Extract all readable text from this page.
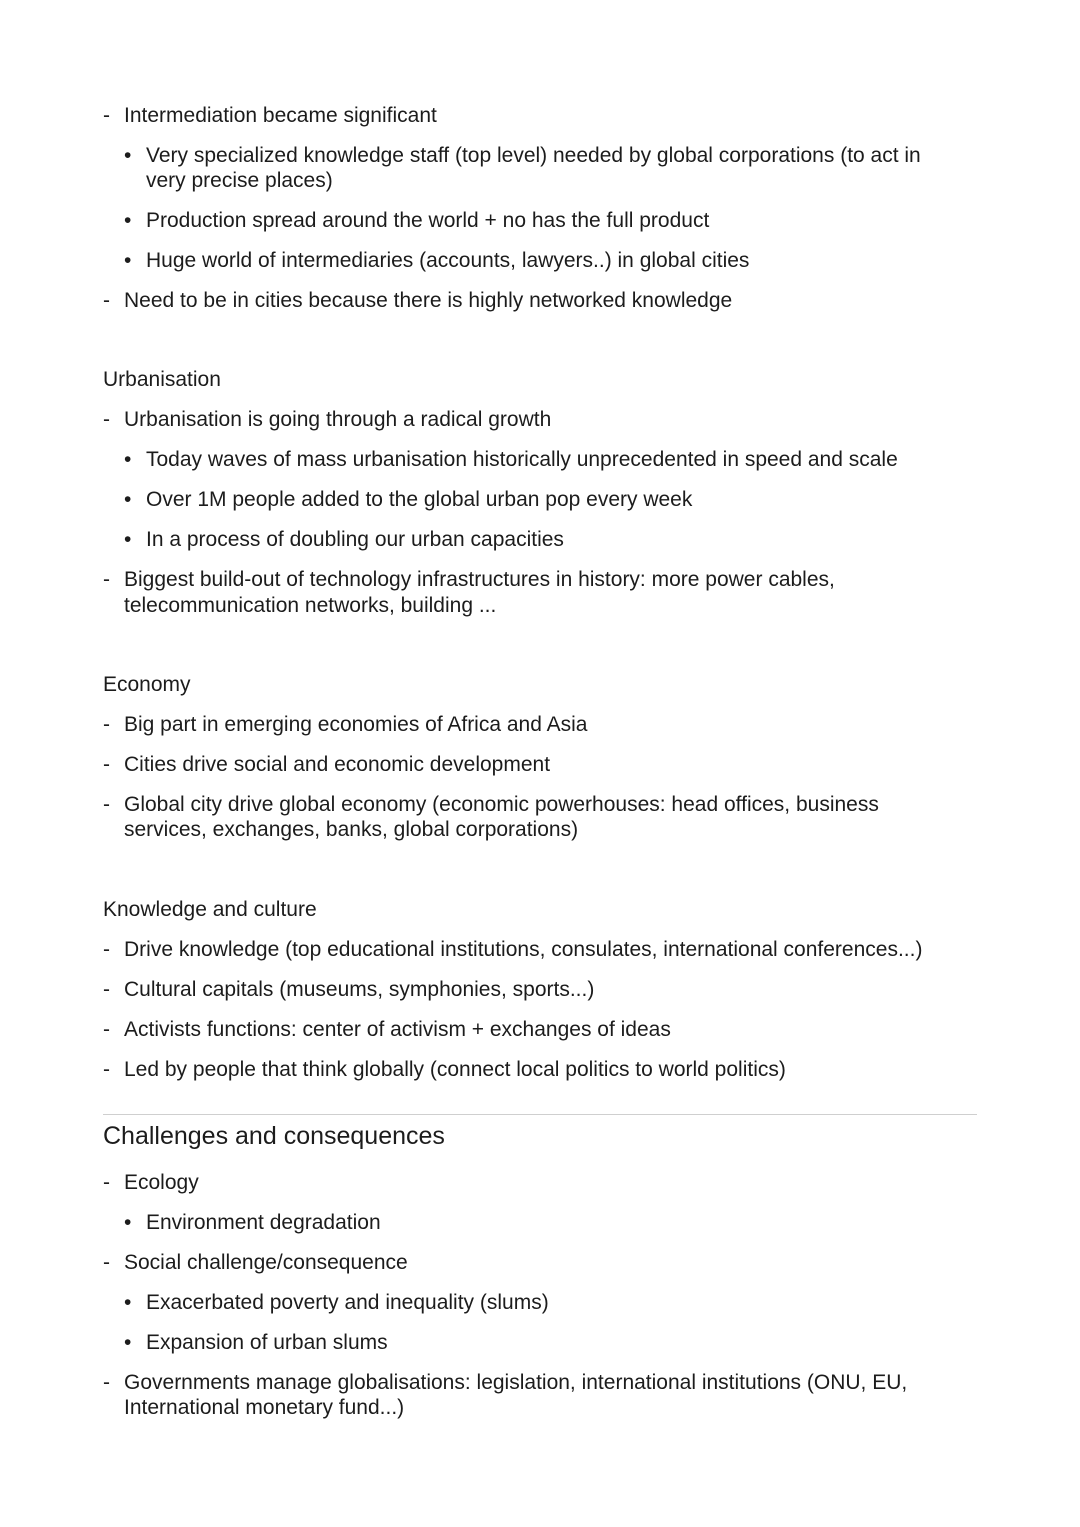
- Intermediation became significant
• Very specialized knowledge staff (top level) needed by global corporations (to act in
very precise places)
• Production spread around the world + no has the full product
• Huge world of intermediaries (accounts, lawyers..) in global cities
- Need to be in cities because there is highly networked knowledge
Urbanisation
- Urbanisation is going through a radical growth
• Today waves of mass urbanisation historically unprecedented in speed and scale
• Over 1M people added to the global urban pop every week
• In a process of doubling our urban capacities
- Biggest build-out of technology infrastructures in history: more power cables,
telecommunication networks, building ...
Economy
- Big part in emerging economies of Africa and Asia
- Cities drive social and economic development
- Global city drive global economy (economic powerhouses: head offices, business
services, exchanges, banks, global corporations)
Knowledge and culture
- Drive knowledge (top educational institutions, consulates, international conferences...)
- Cultural capitals (museums, symphonies, sports...)
- Activists functions: center of activism + exchanges of ideas
- Led by people that think globally (connect local politics to world politics)
Challenges and consequences
- Ecology
• Environment degradation
- Social challenge/consequence
• Exacerbated poverty and inequality (slums)
• Expansion of urban slums
- Governments manage globalisations: legislation, international institutions (ONU, EU,
International monetary fund...)
